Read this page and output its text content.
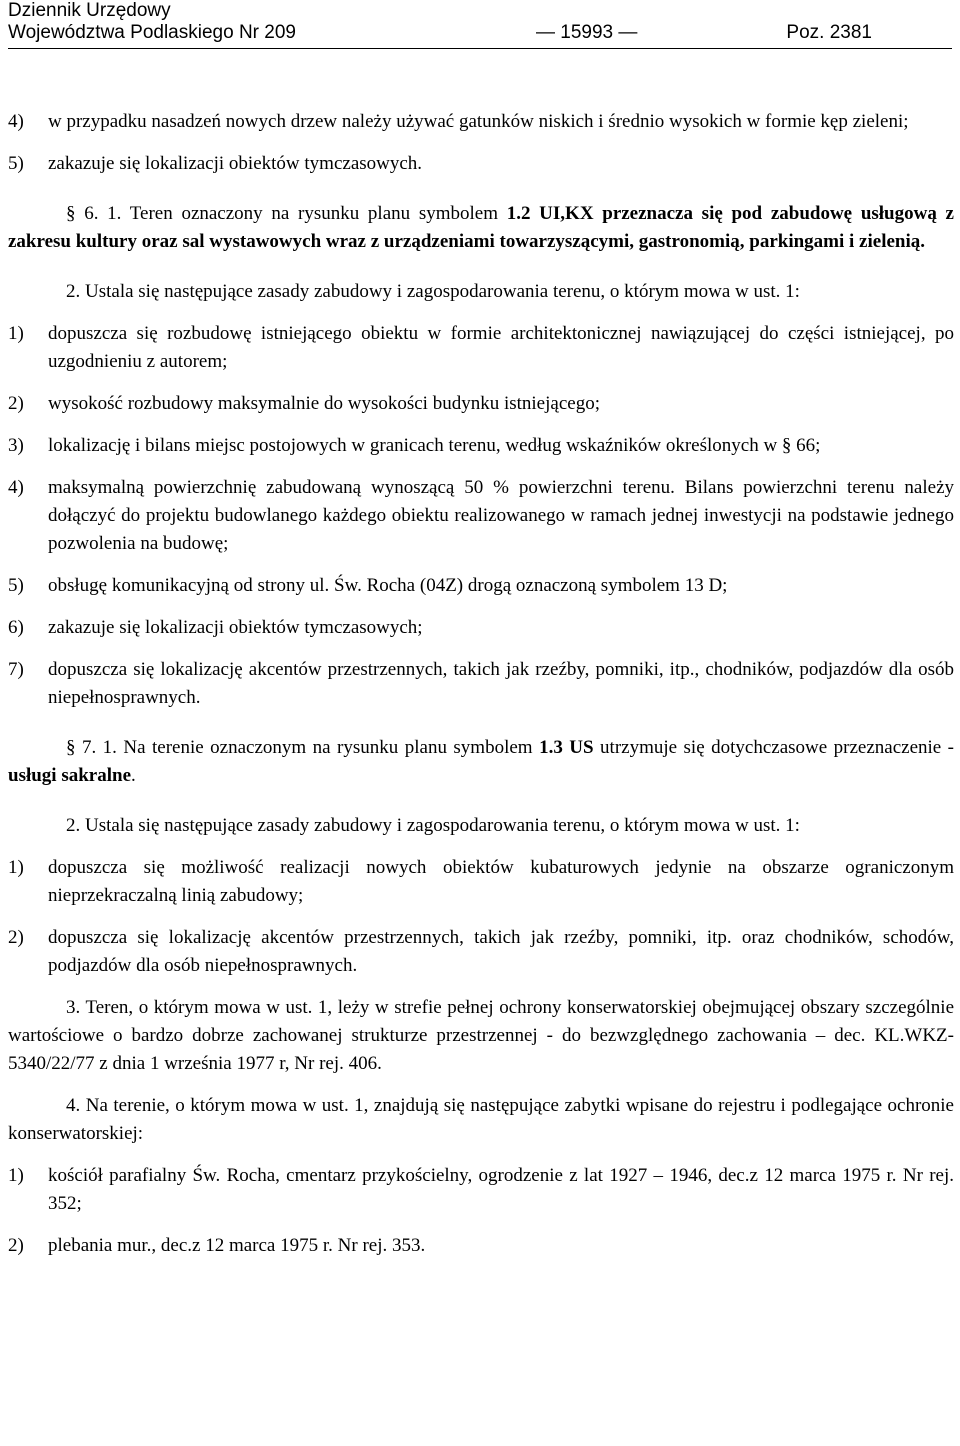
Dziennik Urzędowy
Województwa Podlaskiego Nr 209	— 15993 —	Poz. 2381
4)	w przypadku nasadzeń nowych drzew należy używać gatunków niskich i średnio wysokich w formie kęp zieleni;
5)	zakazuje się lokalizacji obiektów tymczasowych.

§ 6. 1. Teren oznaczony na rysunku planu symbolem 1.2 UI,KX przeznacza się pod zabudowę usługową z zakresu kultury oraz sal wystawowych wraz z urządzeniami towarzyszącymi, gastronomią, parkingami i zielenią.

2. Ustala się następujące zasady zabudowy i zagospodarowania terenu, o którym mowa w ust. 1:

1)	dopuszcza się rozbudowę istniejącego obiektu w formie architektonicznej nawiązującej do części istniejącej, po uzgodnieniu z autorem;
2)	wysokość rozbudowy maksymalnie do wysokości budynku istniejącego;
3)	lokalizację i bilans miejsc postojowych w granicach terenu, według wskaźników określonych w § 66;
4)	maksymalną powierzchnię zabudowaną wynoszącą 50 % powierzchni terenu. Bilans powierzchni terenu należy dołączyć do projektu budowlanego każdego obiektu realizowanego w ramach jednej inwestycji na podstawie jednego pozwolenia na budowę;
5)	obsługę komunikacyjną od strony ul. Św. Rocha (04Z) drogą oznaczoną symbolem 13 D;
6)	zakazuje się lokalizacji obiektów tymczasowych;
7)	dopuszcza się lokalizację akcentów przestrzennych, takich jak rzeźby, pomniki, itp., chodników, podjazdów dla osób niepełnosprawnych.

§ 7. 1. Na terenie oznaczonym na rysunku planu symbolem 1.3 US utrzymuje się dotychczasowe przeznaczenie - usługi sakralne.

2. Ustala się następujące zasady zabudowy i zagospodarowania terenu, o którym mowa w ust. 1:

1)	dopuszcza się możliwość realizacji nowych obiektów kubaturowych jedynie na obszarze ograniczonym nieprzekraczalną linią zabudowy;
2)	dopuszcza się lokalizację akcentów przestrzennych, takich jak rzeźby, pomniki, itp. oraz chodników, schodów, podjazdów dla osób niepełnosprawnych.

3. Teren, o którym mowa w ust. 1, leży w strefie pełnej ochrony konserwatorskiej obejmującej obszary szczególnie wartościowe o bardzo dobrze zachowanej strukturze przestrzennej - do bezwzględnego zachowania – dec. KL.WKZ-5340/22/77 z dnia 1 września 1977 r, Nr rej. 406.

4. Na terenie, o którym mowa w ust. 1, znajdują się następujące zabytki wpisane do rejestru i podlegające ochronie konserwatorskiej:

1)	kościół parafialny Św. Rocha, cmentarz przykościelny, ogrodzenie z lat 1927 – 1946, dec.z 12 marca 1975 r. Nr rej. 352;
2)	plebania mur., dec.z 12 marca 1975 r. Nr rej. 353.
